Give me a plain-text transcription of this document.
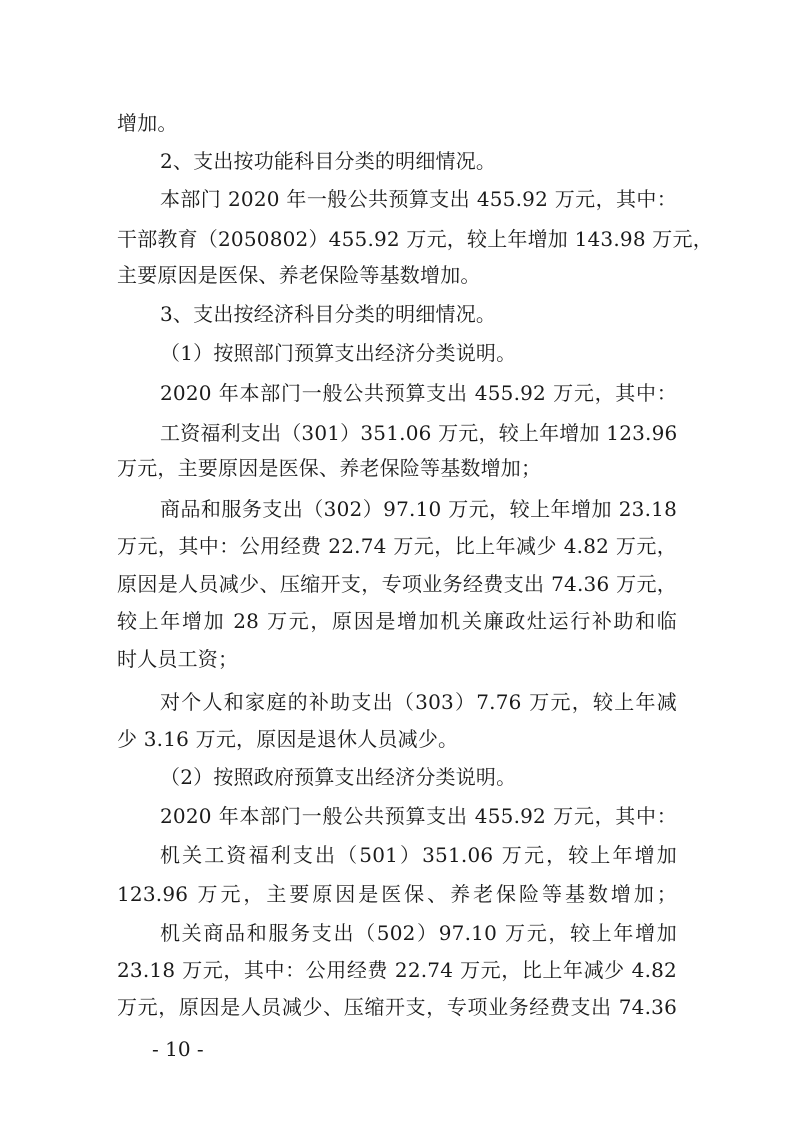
增加。
2、支出按功能科目分类的明细情况。
本部门 2020 年一般公共预算支出 455.92 万元，其中：
干部教育（2050802）455.92 万元，较上年增加 143.98 万元，
主要原因是医保、养老保险等基数增加。
3、支出按经济科目分类的明细情况。
（1）按照部门预算支出经济分类说明。
2020 年本部门一般公共预算支出 455.92 万元，其中：
工资福利支出（301）351.06 万元，较上年增加 123.96
万元，主要原因是医保、养老保险等基数增加；
商品和服务支出（302）97.10 万元，较上年增加 23.18
万元，其中：公用经费 22.74 万元，比上年减少 4.82 万元，
原因是人员减少、压缩开支，专项业务经费支出 74.36 万元，
较上年增加 28 万元，原因是增加机关廉政灶运行补助和临
时人员工资；
对个人和家庭的补助支出（303）7.76 万元，较上年减
少 3.16 万元，原因是退休人员减少。
（2）按照政府预算支出经济分类说明。
2020 年本部门一般公共预算支出 455.92 万元，其中：
机关工资福利支出（501）351.06 万元，较上年增加
123.96 万元，主要原因是医保、养老保险等基数增加；
机关商品和服务支出（502）97.10 万元，较上年增加
23.18 万元，其中：公用经费 22.74 万元，比上年减少 4.82
万元，原因是人员减少、压缩开支，专项业务经费支出 74.36
- 10 -
